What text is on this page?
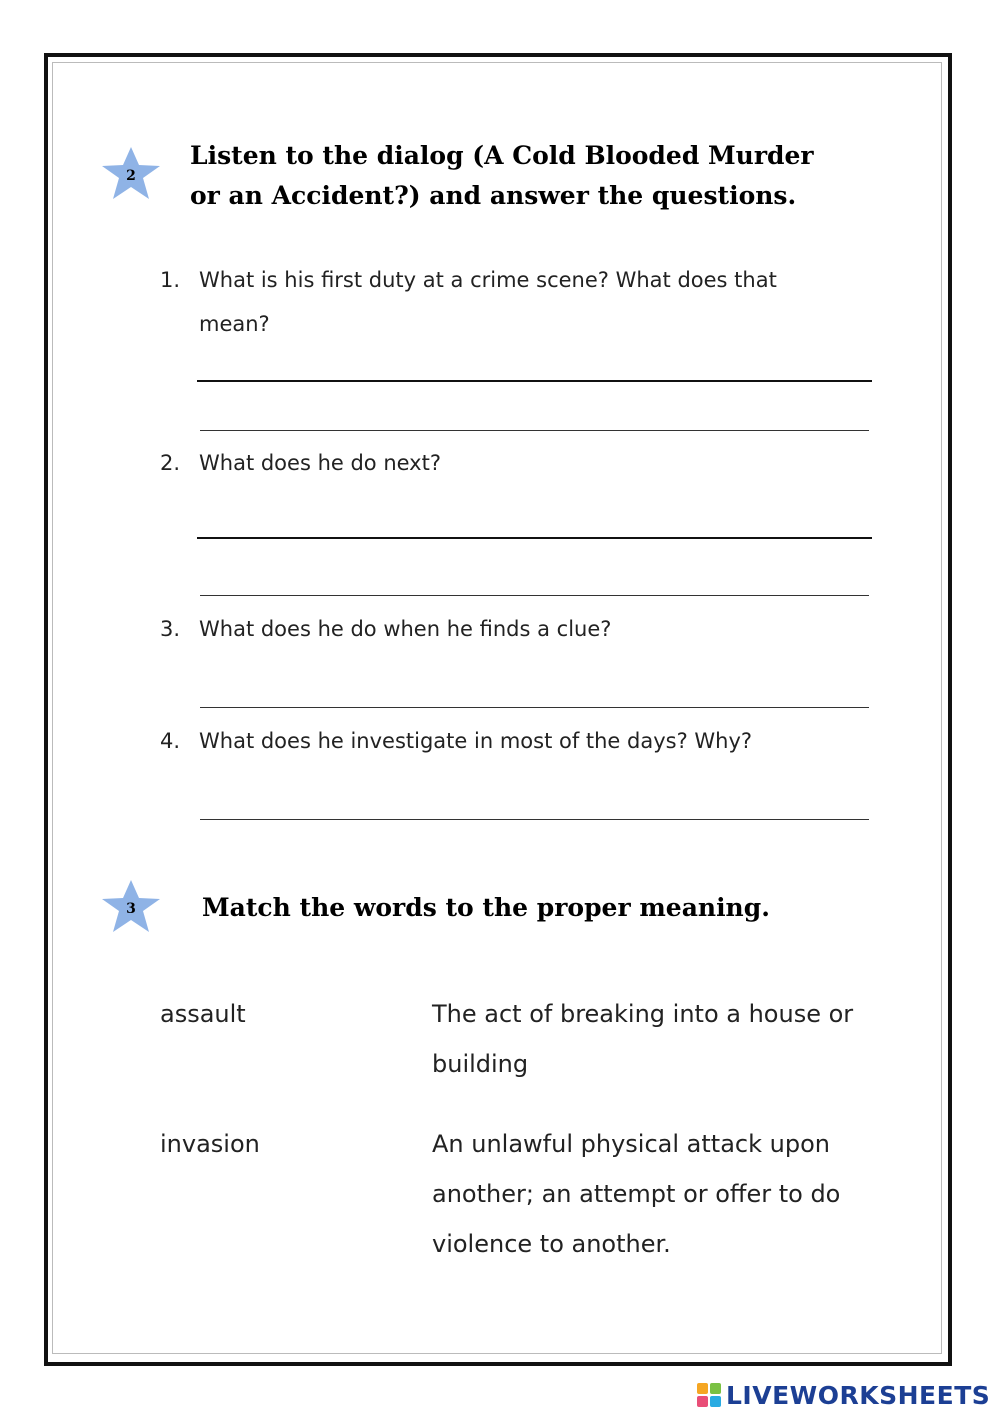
2
Listen to the dialog (A Cold Blooded Murder
or an Accident?) and answer the questions.
1. What is his first duty at a crime scene? What does that mean?
2. What does he do next?
3. What does he do when he finds a clue?
4. What does he investigate in most of the days? Why?
3	Match the words to the proper meaning.
assault	The act of breaking into a house or building
invasion	An unlawful physical attack upon another; an attempt or offer to do violence to another.
LIVEWORKSHEETS
